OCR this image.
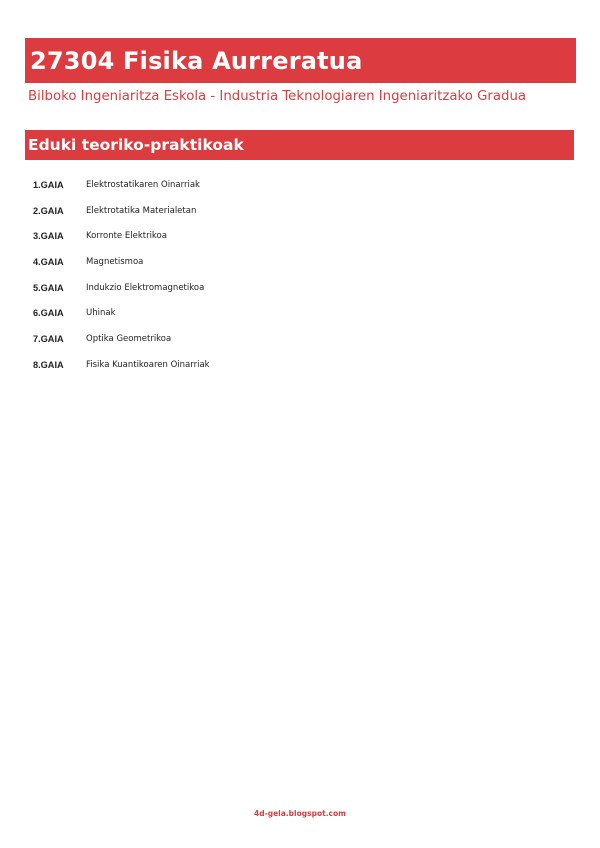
27304 Fisika Aurreratua
Bilboko Ingeniaritza Eskola - Industria Teknologiaren Ingeniaritzako Gradua
Eduki teoriko-praktikoak
1.GAIA	Elektrostatikaren Oinarriak
2.GAIA	Elektrotatika Materialetan
3.GAIA	Korronte Elektrikoa
4.GAIA	Magnetismoa
5.GAIA	Indukzio Elektromagnetikoa
6.GAIA	Uhinak
7.GAIA	Optika Geometrikoa
8.GAIA	Fisika Kuantikoaren Oinarriak
4d-gela.blogspot.com
